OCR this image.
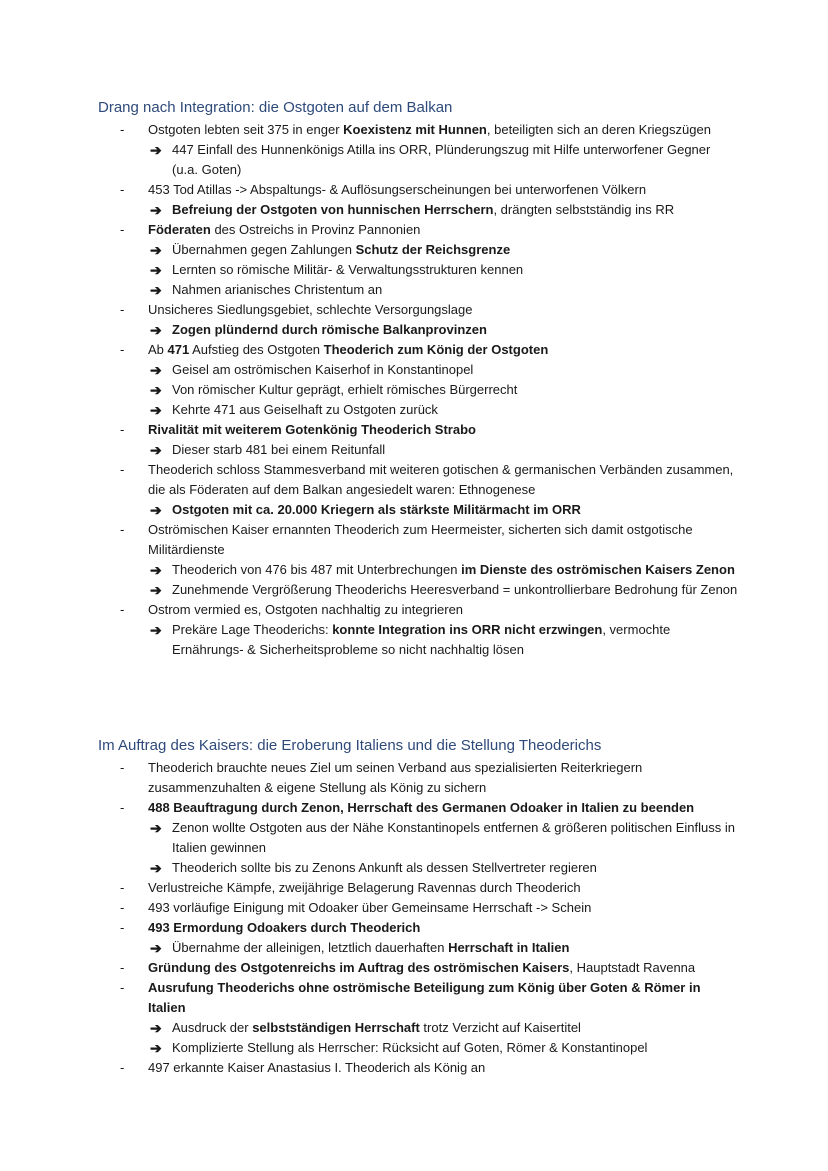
Drang nach Integration: die Ostgoten auf dem Balkan
- Ostgoten lebten seit 375 in enger Koexistenz mit Hunnen, beteiligten sich an deren Kriegszügen
➔ 447 Einfall des Hunnenkönigs Atilla ins ORR, Plünderungszug mit Hilfe unterworfener Gegner (u.a. Goten)
- 453 Tod Atillas -> Abspaltungs- & Auflösungserscheinungen bei unterworfenen Völkern
➔ Befreiung der Ostgoten von hunnischen Herrschern, drängten selbstständig ins RR
- Föderaten des Ostreichs in Provinz Pannonien
➔ Übernahmen gegen Zahlungen Schutz der Reichsgrenze
➔ Lernten so römische Militär- & Verwaltungsstrukturen kennen
➔ Nahmen arianisches Christentum an
- Unsicheres Siedlungsgebiet, schlechte Versorgungslage
➔ Zogen plündernd durch römische Balkanprovinzen
- Ab 471 Aufstieg des Ostgoten Theoderich zum König der Ostgoten
➔ Geisel am oströmischen Kaiserhof in Konstantinopel
➔ Von römischer Kultur geprägt, erhielt römisches Bürgerrecht
➔ Kehrte 471 aus Geiselhaft zu Ostgoten zurück
- Rivalität mit weiterem Gotenkönig Theoderich Strabo
➔ Dieser starb 481 bei einem Reitunfall
- Theoderich schloss Stammesverband mit weiteren gotischen & germanischen Verbänden zusammen, die als Föderaten auf dem Balkan angesiedelt waren: Ethnogenese
➔ Ostgoten mit ca. 20.000 Kriegern als stärkste Militärmacht im ORR
- Oströmischen Kaiser ernannten Theoderich zum Heermeister, sicherten sich damit ostgotische Militärdienste
➔ Theoderich von 476 bis 487 mit Unterbrechungen im Dienste des oströmischen Kaisers Zenon
➔ Zunehmende Vergrößerung Theoderichs Heeresverband = unkontrollierbare Bedrohung für Zenon
- Ostrom vermied es, Ostgoten nachhaltig zu integrieren
➔ Prekäre Lage Theoderichs: konnte Integration ins ORR nicht erzwingen, vermochte Ernährungs- & Sicherheitsprobleme so nicht nachhaltig lösen
Im Auftrag des Kaisers: die Eroberung Italiens und die Stellung Theoderichs
- Theoderich brauchte neues Ziel um seinen Verband aus spezialisierten Reiterkriegern zusammenzuhalten & eigene Stellung als König zu sichern
- 488 Beauftragung durch Zenon, Herrschaft des Germanen Odoaker in Italien zu beenden
➔ Zenon wollte Ostgoten aus der Nähe Konstantinopels entfernen & größeren politischen Einfluss in Italien gewinnen
➔ Theoderich sollte bis zu Zenons Ankunft als dessen Stellvertreter regieren
- Verlustreiche Kämpfe, zweijährige Belagerung Ravennas durch Theoderich
- 493 vorläufige Einigung mit Odoaker über Gemeinsame Herrschaft -> Schein
- 493 Ermordung Odoakers durch Theoderich
➔ Übernahme der alleinigen, letztlich dauerhaften Herrschaft in Italien
- Gründung des Ostgotenreichs im Auftrag des oströmischen Kaisers, Hauptstadt Ravenna
- Ausrufung Theoderichs ohne oströmische Beteiligung zum König über Goten & Römer in Italien
➔ Ausdruck der selbstständigen Herrschaft trotz Verzicht auf Kaisertitel
➔ Komplizierte Stellung als Herrscher: Rücksicht auf Goten, Römer & Konstantinopel
- 497 erkannte Kaiser Anastasius I. Theoderich als König an
